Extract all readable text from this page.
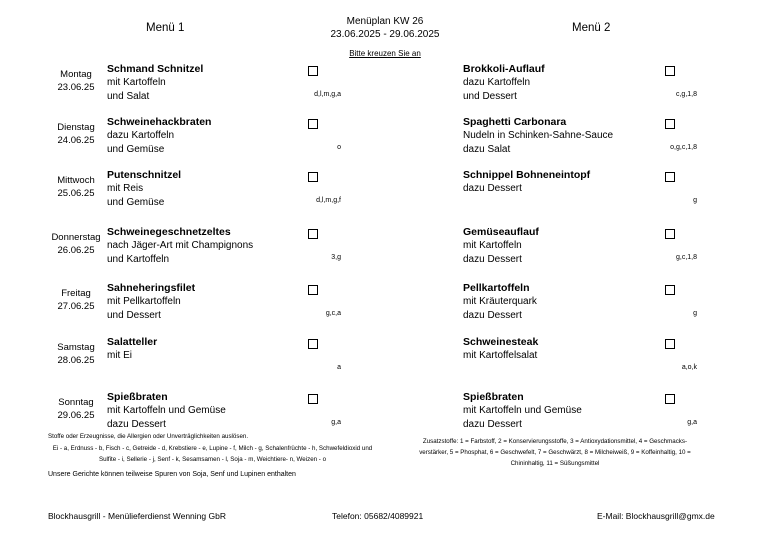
Menü 1	Menü 2
Menüplan KW 26
23.06.2025 - 29.06.2025
Bitte kreuzen Sie an
Montag
23.06.25
Schmand Schnitzel
mit Kartoffeln
und Salat	d,l,m,g,a
Brokkoli-Auflauf
dazu Kartoffeln
und Dessert	c,g,1,8
Dienstag
24.06.25
Schweinehackbraten
dazu Kartoffeln
und Gemüse	o
Spaghetti Carbonara
Nudeln in Schinken-Sahne-Sauce
dazu Salat	o,g,c,1,8
Mittwoch
25.06.25
Putenschnitzel
mit Reis
und Gemüse	d,l,m,g,f
Schnippel Bohneneintopf
dazu Dessert
g
Donnerstag
26.06.25
Schweinegeschnetzeltes
nach Jäger-Art mit Champignons
und Kartoffeln	3,g
Gemüseauflauf
mit Kartoffeln
dazu Dessert	g,c,1,8
Freitag
27.06.25
Sahneheringsfilet
mit Pellkartoffeln
und Dessert	g,c,a
Pellkartoffeln
mit Kräuterquark
dazu Dessert	g
Samstag
28.06.25
Salatteller
mit Ei
a
Schweinesteak
mit Kartoffelsalat
a,o,k
Sonntag
29.06.25
Spießbraten
mit Kartoffeln und Gemüse
dazu Dessert	g,a
Spießbraten
mit Kartoffeln und Gemüse
dazu Dessert	g,a
Stoffe oder Erzeugnisse, die Allergien oder Unverträglichkeiten auslösen.
Ei - a, Erdnuss - b, Fisch - c, Getreide - d, Krebstiere - e, Lupine - f, Milch - g, Schalenfrüchte - h, Schwefeldioxid und
Sulfite - i, Sellerie - j, Senf - k, Sesamsamen - l, Soja - m, Weichtiere- n, Weizen - o
Zusatzstoffe: 1 = Farbstoff, 2 = Konservierungsstoffe, 3 = Antioxydationsmittel, 4 = Geschmacks-
verstärker, 5 = Phosphat, 6 = Geschwefelt, 7 = Geschwärzt, 8 = Milcheiweiß, 9 = Koffeinhaltig, 10 =
Chininhaltig, 11 = Süßungsmittel
Unsere Gerichte können teilweise Spuren von Soja, Senf und Lupinen enthalten
Blockhausgrill - Menülieferdienst Wenning GbR	Telefon: 05682/4089921	E-Mail: Blockhausgrill@gmx.de
